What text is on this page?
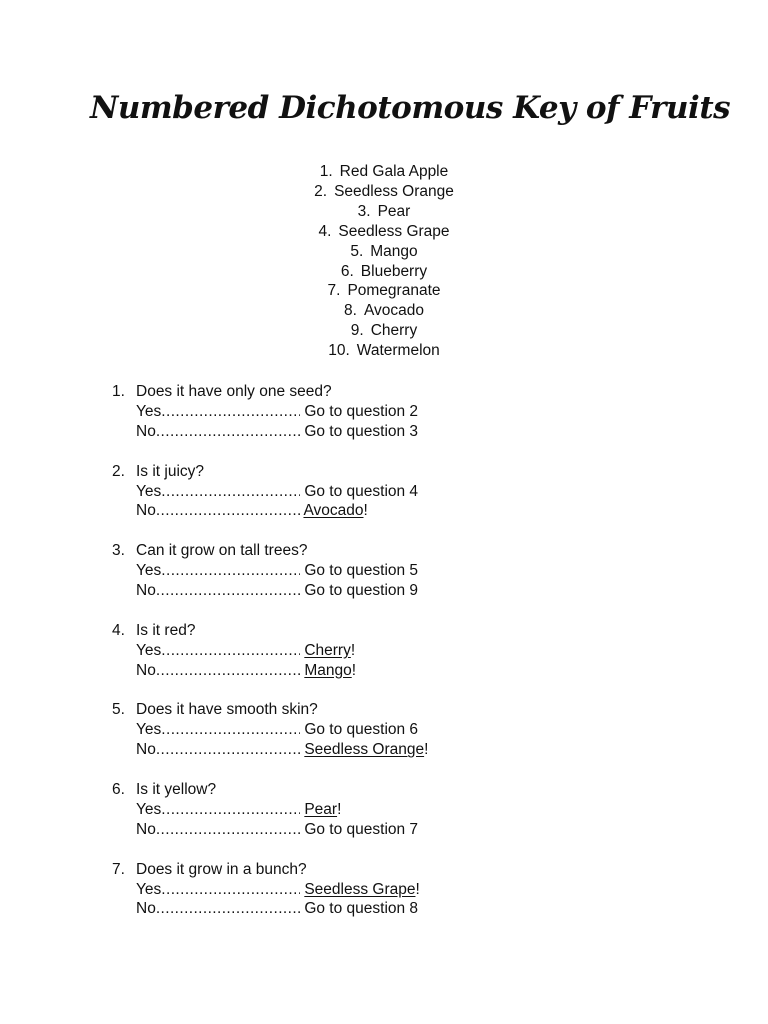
Numbered Dichotomous Key of Fruits
1. Red Gala Apple
2. Seedless Orange
3. Pear
4. Seedless Grape
5. Mango
6. Blueberry
7. Pomegranate
8. Avocado
9. Cherry
10. Watermelon
1. Does it have only one seed?
Yes .....	Go to question 2
No .....	Go to question 3
2. Is it juicy?
Yes .....	Go to question 4
No .....	Avocado!
3. Can it grow on tall trees?
Yes .....	Go to question 5
No .....	Go to question 9
4. Is it red?
Yes .....	Cherry!
No .....	Mango!
5. Does it have smooth skin?
Yes .....	Go to question 6
No .....	Seedless Orange!
6. Is it yellow?
Yes .....	Pear!
No .....	Go to question 7
7. Does it grow in a bunch?
Yes .....	Seedless Grape!
No .....	Go to question 8
